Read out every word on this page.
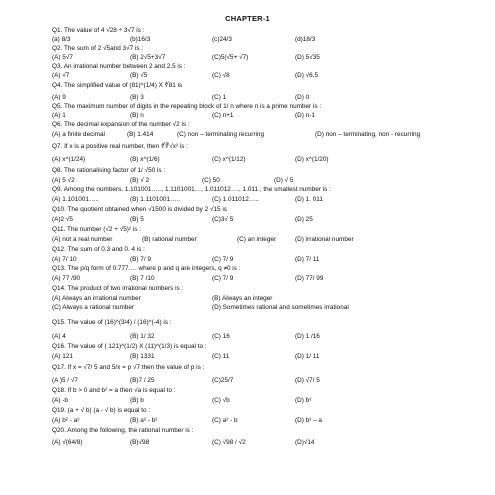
CHAPTER-1
Q1. The value of 4 √28 ÷ 3√7 is :
(a) 8/3	(b)16/3	(c)24/3	(d)18/3
Q2. The sum of 2 √5and 3√7 is :
(A) 5√7	(B) 2√5+3√7	(C)5(√5+ √7)	(D) 5√35
Q3. An irrational number between 2 and 2.5 is :
(A) √7	(B) √5	(C) √8	(D) √6.5
Q4. The simplified value of (81)^(1/4) X ∜81 is
(A) 9	(B) 3	(C) 1	(D) 0
Q5. The maximum number of digits in the repeating block of 1/ n where n is a prime number is :
(A) 1	(B) n	(C) n+1	(D) n-1
Q6. The decimal expansion of the number √2 is :
(A) a finite decimal	(B) 1.414	(C) non – terminating recurring	(D) non – terminating, non - recurring
Q7. If x is a positive real number, then ∜∛√x² is :
(A) x^(1/24)	(B) x^(1/6)	(C) x^(1/12)	(D) x^(1/20)
Q8. The rationalising factor of 1/ √50 is :
(A) 5 √2	(B) √ 2	(C) 50	(D) √ 5
Q9. Among the numbers, 1.101001….., 1.1101001…, 1.011012…., 1.011 , the smallest number is :
(A) 1.101001…..	(B) 1.1101001…..	(C) 1.011012…..	(D) 1. 011
Q10. The quotient obtained when √1500 is divided by 2 √15 is
(A)2 √5	(B) 5	(C)3√ 5	(D) 25
Q11. The number (√2 + √5)² is :
(A) not a real number	(B) rational number	(C) an integer	(D) irrational number
Q12. The sum of 0.3 and 0. 4 is :
(A) 7/ 10	(B) 7/ 9	(C) 7/ 9	(D) 7/ 11
Q13. The p/q form of 0.777…. where p and q are integers, q ≠0 is :
(A) 77 /90	(B) 7 /10	(C) 7/ 9	(D) 77/ 99
Q14. The product of two irrational numbers is :
(A) Always an irrational number	(B) Always an integer
(C) Always a rational number	(D) Sometimes rational and sometimes irrational
Q15. The value of (16)^(3/4) / (16)^(-4) is :
(A) 4	(B) 1/ 32	(C) 16	(D) 1 /16
Q16. The value of ( 121)^(1/2) X (11)^(1/3) is equal to :
(A) 121	(B) 1331	(C) 11	(D) 1/ 11
Q17. If x = √7/ 5 and 5/x = p √7 then the value of p is :
(A )5 / √7	(B)7 / 25	(C)25/7	(D) √7/ 5
Q18. If b > 0 and b² = a then √a is equal to :
(A) -b	(B) b	(C) √b	(D) b²
Q19. (a + √ b) (a - √ b) is equal to :
(A) b² - a²	(B) a² - b²	(C) a² - b	(D) b² – a
Q20. Among the following, the rational number is :
(A) √(64/8)	(B)√98	(C) √98 / √2	(D)√14
